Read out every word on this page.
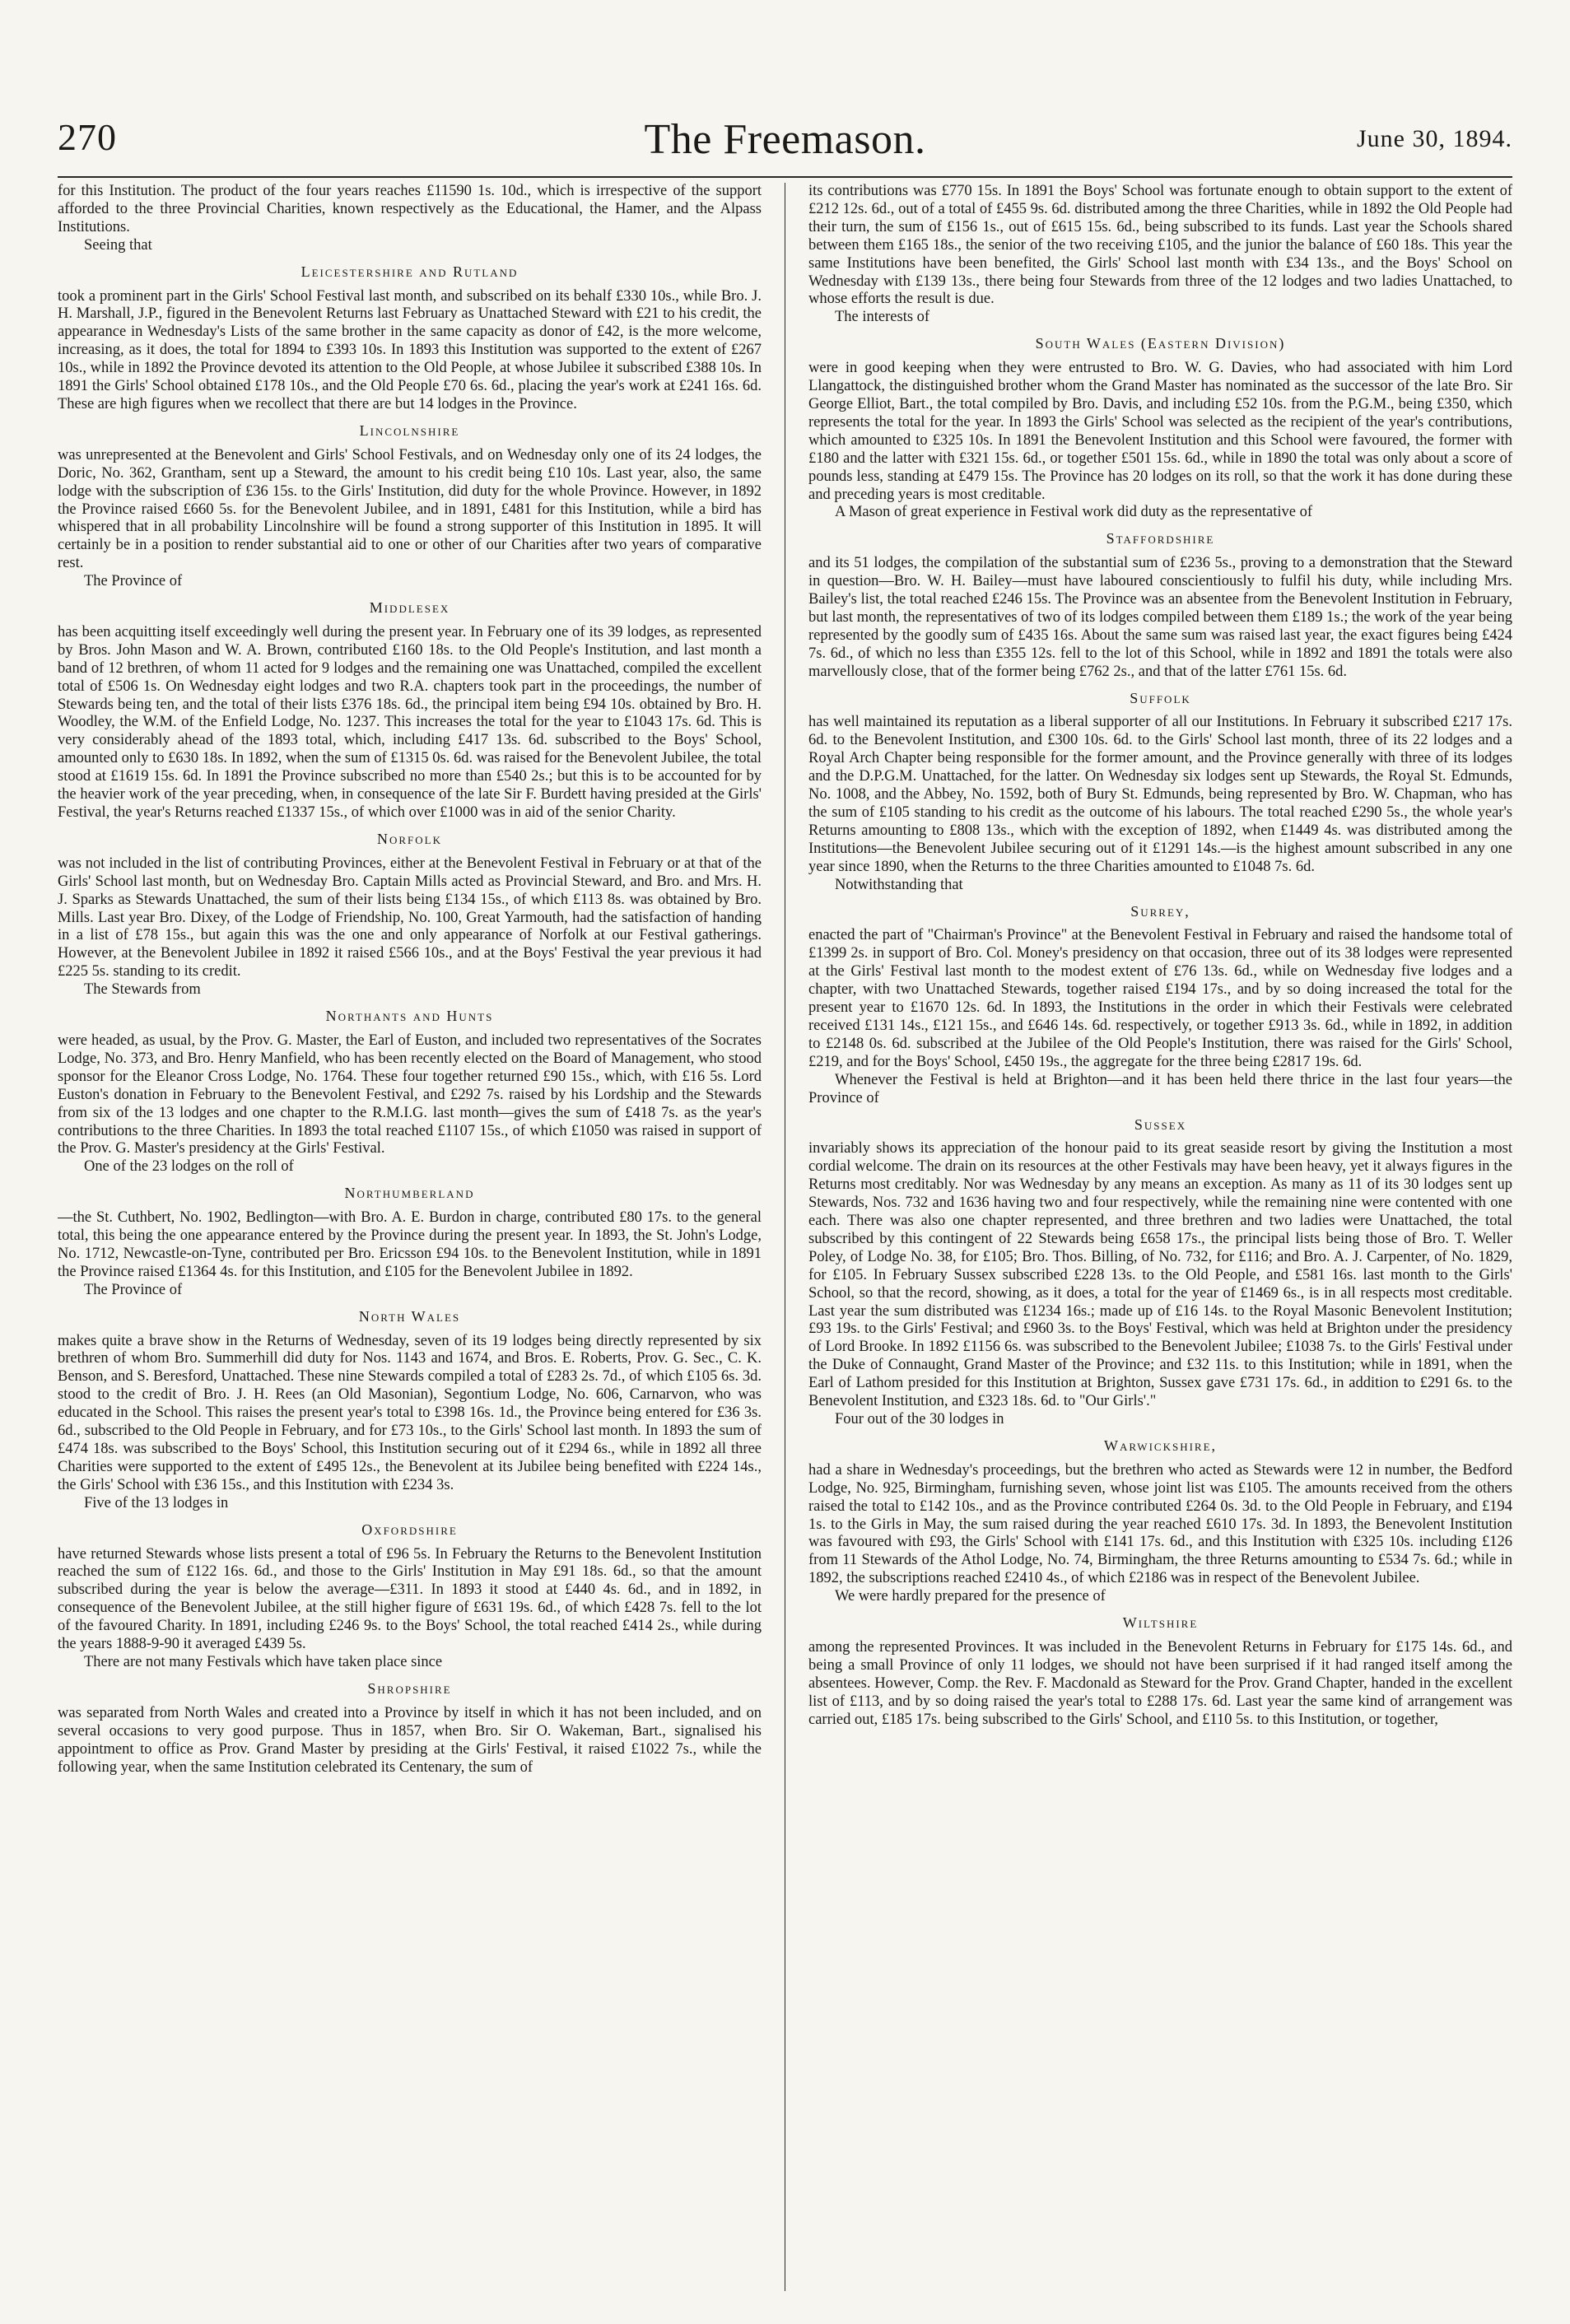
270	The Freemason.	June 30, 1894.

for this Institution. The product of the four years reaches £11590 1s. 10d., which is irrespective of the support afforded to the three Provincial Charities, known respectively as the Educational, the Hamer, and the Alpass Institutions.

Seeing that

Leicestershire and Rutland

took a prominent part in the Girls' School Festival last month, and subscribed on its behalf £330 10s., while Bro. J. H. Marshall, J.P., figured in the Benevolent Returns last February as Unattached Steward with £21 to his credit, the appearance in Wednesday's Lists of the same brother in the same capacity as donor of £42, is the more welcome, increasing, as it does, the total for 1894 to £393 10s. In 1893 this Institution was supported to the extent of £267 10s., while in 1892 the Province devoted its attention to the Old People, at whose Jubilee it subscribed £388 10s. In 1891 the Girls' School obtained £178 10s., and the Old People £70 6s. 6d., placing the year's work at £241 16s. 6d. These are high figures when we recollect that there are but 14 lodges in the Province.

Lincolnshire

was unrepresented at the Benevolent and Girls' School Festivals, and on Wednesday only one of its 24 lodges, the Doric, No. 362, Grantham, sent up a Steward, the amount to his credit being £10 10s. Last year, also, the same lodge with the subscription of £36 15s. to the Girls' Institution, did duty for the whole Province. However, in 1892 the Province raised £660 5s. for the Benevolent Jubilee, and in 1891, £481 for this Institution, while a bird has whispered that in all probability Lincolnshire will be found a strong supporter of this Institution in 1895. It will certainly be in a position to render substantial aid to one or other of our Charities after two years of comparative rest.

The Province of

Middlesex

has been acquitting itself exceedingly well during the present year. In February one of its 39 lodges, as represented by Bros. John Mason and W. A. Brown, contributed £160 18s. to the Old People's Institution, and last month a band of 12 brethren, of whom 11 acted for 9 lodges and the remaining one was Unattached, compiled the excellent total of £506 1s. On Wednesday eight lodges and two R.A. chapters took part in the proceedings, the number of Stewards being ten, and the total of their lists £376 18s. 6d., the principal item being £94 10s. obtained by Bro. H. Woodley, the W.M. of the Enfield Lodge, No. 1237. This increases the total for the year to £1043 17s. 6d. This is very considerably ahead of the 1893 total, which, including £417 13s. 6d. subscribed to the Boys' School, amounted only to £630 18s. In 1892, when the sum of £1315 0s. 6d. was raised for the Benevolent Jubilee, the total stood at £1619 15s. 6d. In 1891 the Province subscribed no more than £540 2s.; but this is to be accounted for by the heavier work of the year preceding, when, in consequence of the late Sir F. Burdett having presided at the Girls' Festival, the year's Returns reached £1337 15s., of which over £1000 was in aid of the senior Charity.

Norfolk

was not included in the list of contributing Provinces, either at the Benevolent Festival in February or at that of the Girls' School last month, but on Wednesday Bro. Captain Mills acted as Provincial Steward, and Bro. and Mrs. H. J. Sparks as Stewards Unattached, the sum of their lists being £134 15s., of which £113 8s. was obtained by Bro. Mills. Last year Bro. Dixey, of the Lodge of Friendship, No. 100, Great Yarmouth, had the satisfaction of handing in a list of £78 15s., but again this was the one and only appearance of Norfolk at our Festival gatherings. However, at the Benevolent Jubilee in 1892 it raised £566 10s., and at the Boys' Festival the year previous it had £225 5s. standing to its credit.

The Stewards from

Northants and Hunts

were headed, as usual, by the Prov. G. Master, the Earl of Euston, and included two representatives of the Socrates Lodge, No. 373, and Bro. Henry Manfield, who has been recently elected on the Board of Management, who stood sponsor for the Eleanor Cross Lodge, No. 1764. These four together returned £90 15s., which, with £16 5s. Lord Euston's donation in February to the Benevolent Festival, and £292 7s. raised by his Lordship and the Stewards from six of the 13 lodges and one chapter to the R.M.I.G. last month—gives the sum of £418 7s. as the year's contributions to the three Charities. In 1893 the total reached £1107 15s., of which £1050 was raised in support of the Prov. G. Master's presidency at the Girls' Festival.

One of the 23 lodges on the roll of

Northumberland

—the St. Cuthbert, No. 1902, Bedlington—with Bro. A. E. Burdon in charge, contributed £80 17s. to the general total, this being the one appearance entered by the Province during the present year. In 1893, the St. John's Lodge, No. 1712, Newcastle-on-Tyne, contributed per Bro. Ericsson £94 10s. to the Benevolent Institution, while in 1891 the Province raised £1364 4s. for this Institution, and £105 for the Benevolent Jubilee in 1892.

The Province of

North Wales

makes quite a brave show in the Returns of Wednesday, seven of its 19 lodges being directly represented by six brethren of whom Bro. Summerhill did duty for Nos. 1143 and 1674, and Bros. E. Roberts, Prov. G. Sec., C. K. Benson, and S. Beresford, Unattached. These nine Stewards compiled a total of £283 2s. 7d., of which £105 6s. 3d. stood to the credit of Bro. J. H. Rees (an Old Masonian), Segontium Lodge, No. 606, Carnarvon, who was educated in the School. This raises the present year's total to £398 16s. 1d., the Province being entered for £36 3s. 6d., subscribed to the Old People in February, and for £73 10s., to the Girls' School last month. In 1893 the sum of £474 18s. was subscribed to the Boys' School, this Institution securing out of it £294 6s., while in 1892 all three Charities were supported to the extent of £495 12s., the Benevolent at its Jubilee being benefited with £224 14s., the Girls' School with £36 15s., and this Institution with £234 3s.

Five of the 13 lodges in

Oxfordshire

have returned Stewards whose lists present a total of £96 5s. In February the Returns to the Benevolent Institution reached the sum of £122 16s. 6d., and those to the Girls' Institution in May £91 18s. 6d., so that the amount subscribed during the year is below the average—£311. In 1893 it stood at £440 4s. 6d., and in 1892, in consequence of the Benevolent Jubilee, at the still higher figure of £631 19s. 6d., of which £428 7s. fell to the lot of the favoured Charity. In 1891, including £246 9s. to the Boys' School, the total reached £414 2s., while during the years 1888-9-90 it averaged £439 5s.

There are not many Festivals which have taken place since

Shropshire

was separated from North Wales and created into a Province by itself in which it has not been included, and on several occasions to very good purpose. Thus in 1857, when Bro. Sir O. Wakeman, Bart., signalised his appointment to office as Prov. Grand Master by presiding at the Girls' Festival, it raised £1022 7s., while the following year, when the same Institution celebrated its Centenary, the sum of

its contributions was £770 15s. In 1891 the Boys' School was fortunate enough to obtain support to the extent of £212 12s. 6d., out of a total of £455 9s. 6d. distributed among the three Charities, while in 1892 the Old People had their turn, the sum of £156 1s., out of £615 15s. 6d., being subscribed to its funds. Last year the Schools shared between them £165 18s., the senior of the two receiving £105, and the junior the balance of £60 18s. This year the same Institutions have been benefited, the Girls' School last month with £34 13s., and the Boys' School on Wednesday with £139 13s., there being four Stewards from three of the 12 lodges and two ladies Unattached, to whose efforts the result is due.

The interests of

South Wales (Eastern Division)

were in good keeping when they were entrusted to Bro. W. G. Davies, who had associated with him Lord Llangattock, the distinguished brother whom the Grand Master has nominated as the successor of the late Bro. Sir George Elliot, Bart., the total compiled by Bro. Davis, and including £52 10s. from the P.G.M., being £350, which represents the total for the year. In 1893 the Girls' School was selected as the recipient of the year's contributions, which amounted to £325 10s. In 1891 the Benevolent Institution and this School were favoured, the former with £180 and the latter with £321 15s. 6d., or together £501 15s. 6d., while in 1890 the total was only about a score of pounds less, standing at £479 15s. The Province has 20 lodges on its roll, so that the work it has done during these and preceding years is most creditable.

A Mason of great experience in Festival work did duty as the representative of

Staffordshire

and its 51 lodges, the compilation of the substantial sum of £236 5s., proving to a demonstration that the Steward in question—Bro. W. H. Bailey—must have laboured conscientiously to fulfil his duty, while including Mrs. Bailey's list, the total reached £246 15s. The Province was an absentee from the Benevolent Institution in February, but last month, the representatives of two of its lodges compiled between them £189 1s.; the work of the year being represented by the goodly sum of £435 16s. About the same sum was raised last year, the exact figures being £424 7s. 6d., of which no less than £355 12s. fell to the lot of this School, while in 1892 and 1891 the totals were also marvellously close, that of the former being £762 2s., and that of the latter £761 15s. 6d.

Suffolk

has well maintained its reputation as a liberal supporter of all our Institutions. In February it subscribed £217 17s. 6d. to the Benevolent Institution, and £300 10s. 6d. to the Girls' School last month, three of its 22 lodges and a Royal Arch Chapter being responsible for the former amount, and the Province generally with three of its lodges and the D.P.G.M. Unattached, for the latter. On Wednesday six lodges sent up Stewards, the Royal St. Edmunds, No. 1008, and the Abbey, No. 1592, both of Bury St. Edmunds, being represented by Bro. W. Chapman, who has the sum of £105 standing to his credit as the outcome of his labours. The total reached £290 5s., the whole year's Returns amounting to £808 13s., which with the exception of 1892, when £1449 4s. was distributed among the Institutions—the Benevolent Jubilee securing out of it £1291 14s.—is the highest amount subscribed in any one year since 1890, when the Returns to the three Charities amounted to £1048 7s. 6d.

Notwithstanding that

Surrey,

enacted the part of "Chairman's Province" at the Benevolent Festival in February and raised the handsome total of £1399 2s. in support of Bro. Col. Money's presidency on that occasion, three out of its 38 lodges were represented at the Girls' Festival last month to the modest extent of £76 13s. 6d., while on Wednesday five lodges and a chapter, with two Unattached Stewards, together raised £194 17s., and by so doing increased the total for the present year to £1670 12s. 6d. In 1893, the Institutions in the order in which their Festivals were celebrated received £131 14s., £121 15s., and £646 14s. 6d. respectively, or together £913 3s. 6d., while in 1892, in addition to £2148 0s. 6d. subscribed at the Jubilee of the Old People's Institution, there was raised for the Girls' School, £219, and for the Boys' School, £450 19s., the aggregate for the three being £2817 19s. 6d.

Whenever the Festival is held at Brighton—and it has been held there thrice in the last four years—the Province of

Sussex

invariably shows its appreciation of the honour paid to its great seaside resort by giving the Institution a most cordial welcome. The drain on its resources at the other Festivals may have been heavy, yet it always figures in the Returns most creditably. Nor was Wednesday by any means an exception. As many as 11 of its 30 lodges sent up Stewards, Nos. 732 and 1636 having two and four respectively, while the remaining nine were contented with one each. There was also one chapter represented, and three brethren and two ladies were Unattached, the total subscribed by this contingent of 22 Stewards being £658 17s., the principal lists being those of Bro. T. Weller Poley, of Lodge No. 38, for £105; Bro. Thos. Billing, of No. 732, for £116; and Bro. A. J. Carpenter, of No. 1829, for £105. In February Sussex subscribed £228 13s. to the Old People, and £581 16s. last month to the Girls' School, so that the record, showing, as it does, a total for the year of £1469 6s., is in all respects most creditable. Last year the sum distributed was £1234 16s.; made up of £16 14s. to the Royal Masonic Benevolent Institution; £93 19s. to the Girls' Festival; and £960 3s. to the Boys' Festival, which was held at Brighton under the presidency of Lord Brooke. In 1892 £1156 6s. was subscribed to the Benevolent Jubilee; £1038 7s. to the Girls' Festival under the Duke of Connaught, Grand Master of the Province; and £32 11s. to this Institution; while in 1891, when the Earl of Lathom presided for this Institution at Brighton, Sussex gave £731 17s. 6d., in addition to £291 6s. to the Benevolent Institution, and £323 18s. 6d. to "Our Girls'."

Four out of the 30 lodges in

Warwickshire,

had a share in Wednesday's proceedings, but the brethren who acted as Stewards were 12 in number, the Bedford Lodge, No. 925, Birmingham, furnishing seven, whose joint list was £105. The amounts received from the others raised the total to £142 10s., and as the Province contributed £264 0s. 3d. to the Old People in February, and £194 1s. to the Girls in May, the sum raised during the year reached £610 17s. 3d. In 1893, the Benevolent Institution was favoured with £93, the Girls' School with £141 17s. 6d., and this Institution with £325 10s. including £126 from 11 Stewards of the Athol Lodge, No. 74, Birmingham, the three Returns amounting to £534 7s. 6d.; while in 1892, the subscriptions reached £2410 4s., of which £2186 was in respect of the Benevolent Jubilee.

We were hardly prepared for the presence of

Wiltshire

among the represented Provinces. It was included in the Benevolent Returns in February for £175 14s. 6d., and being a small Province of only 11 lodges, we should not have been surprised if it had ranged itself among the absentees. However, Comp. the Rev. F. Macdonald as Steward for the Prov. Grand Chapter, handed in the excellent list of £113, and by so doing raised the year's total to £288 17s. 6d. Last year the same kind of arrangement was carried out, £185 17s. being subscribed to the Girls' School, and £110 5s. to this Institution, or together,
